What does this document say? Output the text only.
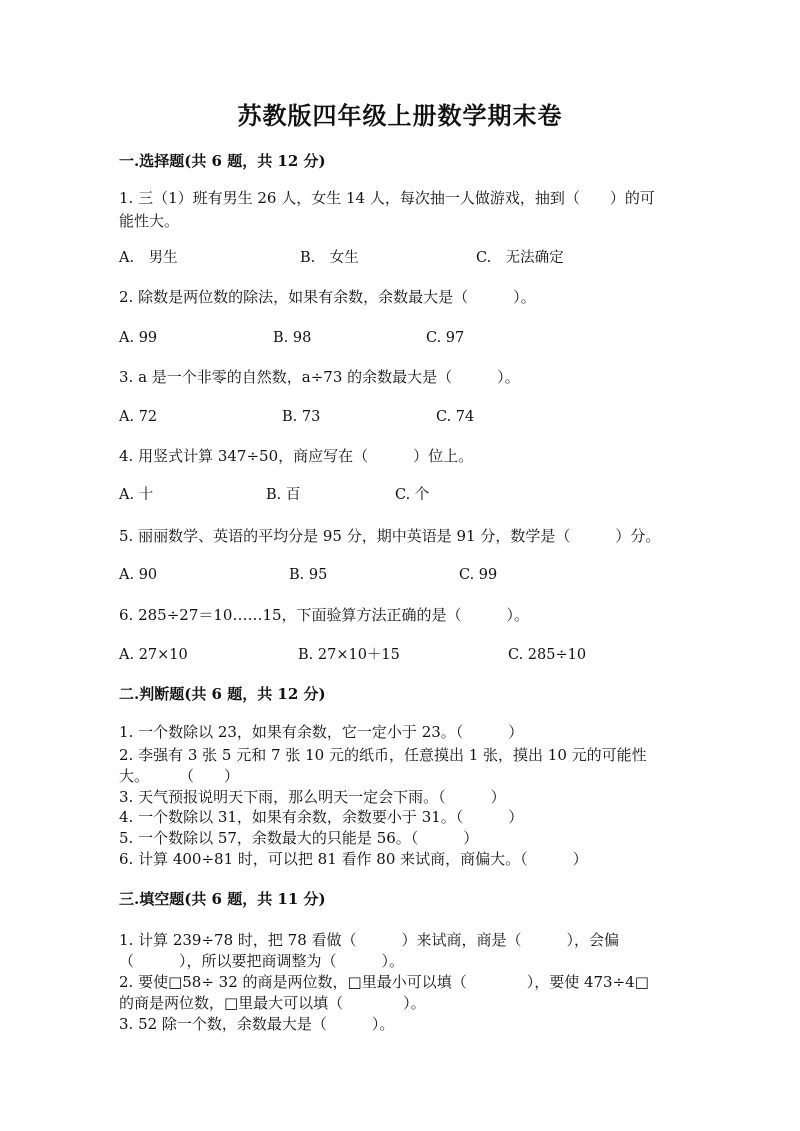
苏教版四年级上册数学期末卷
一.选择题(共 6 题，共 12 分)
1. 三（1）班有男生 26 人，女生 14 人，每次抽一人做游戏，抽到（　　）的可
能性大。
A.　男生	B.　女生	C.　无法确定
2. 除数是两位数的除法，如果有余数，余数最大是（　　　）。
A. 99	B. 98	C. 97
3. a 是一个非零的自然数，a÷73 的余数最大是（　　　）。
A. 72	B. 73	C. 74
4. 用竖式计算 347÷50，商应写在（　　　）位上。
A. 十	B. 百	C. 个
5. 丽丽数学、英语的平均分是 95 分，期中英语是 91 分，数学是（　　　）分。
A. 90	B. 95	C. 99
6. 285÷27＝10……15，下面验算方法正确的是（　　　）。
A. 27×10	B. 27×10＋15	C. 285÷10
二.判断题(共 6 题，共 12 分)
1. 一个数除以 23，如果有余数，它一定小于 23。（　　　）
2. 李强有 3 张 5 元和 7 张 10 元的纸币，任意摸出 1 张，摸出 10 元的可能性
大。　　　（　　）
3. 天气预报说明天下雨，那么明天一定会下雨。（　　　）
4. 一个数除以 31，如果有余数，余数要小于 31。（　　　）
5. 一个数除以 57，余数最大的只能是 56。（　　　）
6. 计算 400÷81 时，可以把 81 看作 80 来试商，商偏大。（　　　）
三.填空题(共 6 题，共 11 分)
1. 计算 239÷78 时，把 78 看做（　　　）来试商，商是（　　　），会偏
（　　　），所以要把商调整为（　　　）。
2. 要使□58÷ 32 的商是两位数，□里最小可以填（　　　　），要使 473÷4□
的商是两位数，□里最大可以填（　　　　）。
3. 52 除一个数，余数最大是（　　　）。
